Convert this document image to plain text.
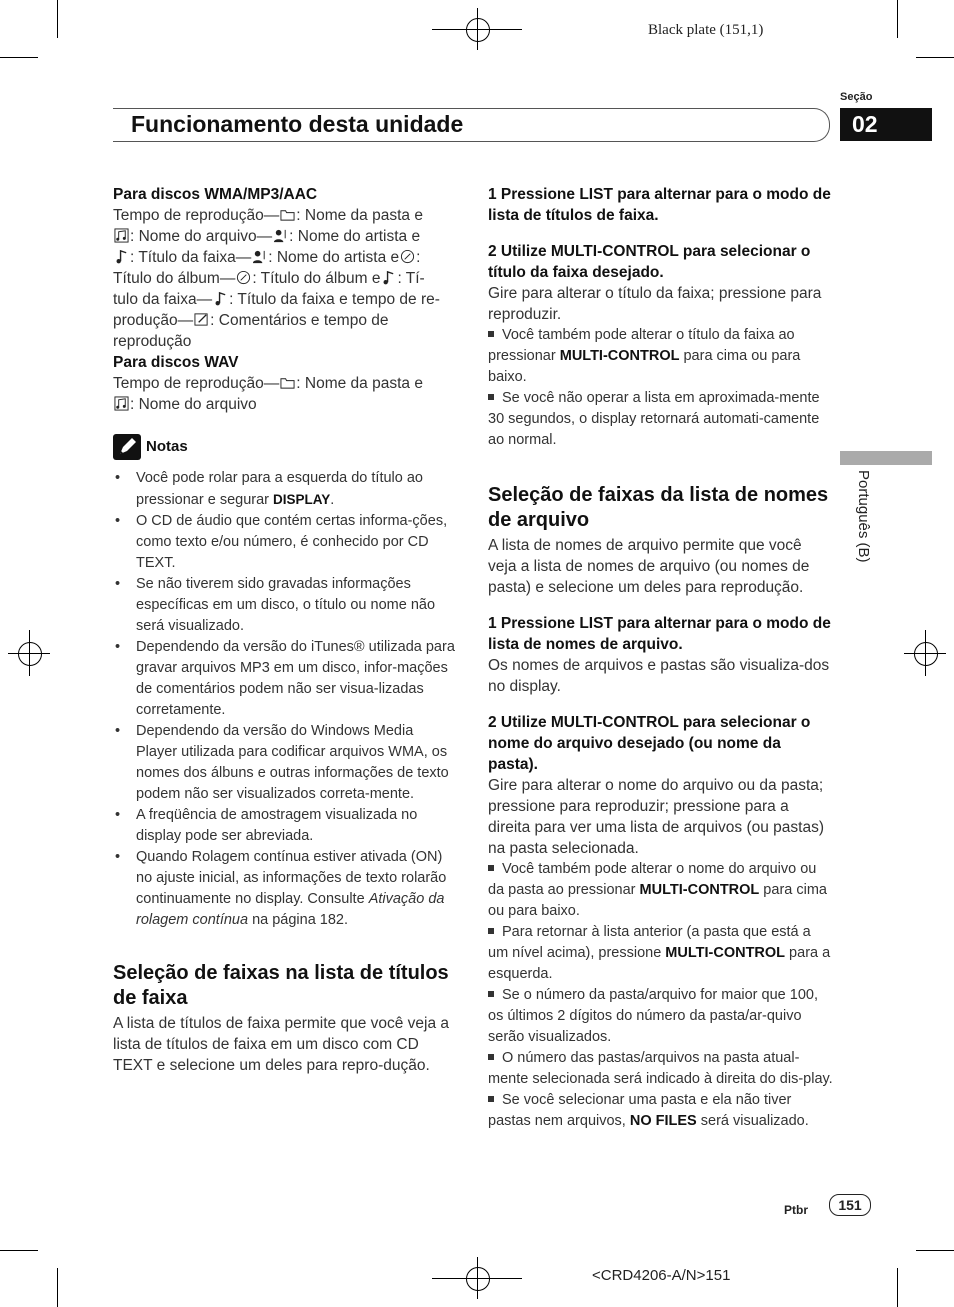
Black plate (151,1)
Seção
Funcionamento desta unidade	02
Português (B)

Para discos WMA/MP3/AAC

Tempo de reprodução— : Nome da pasta e
: Nome do arquivo— : Nome do artista e
: Título da faixa— : Nome do artista e :
Título do álbum— : Título do álbum e : Tí-
tulo da faixa— : Título da faixa e tempo de re-
produção— : Comentários e tempo de
reprodução

Para discos WAV

Tempo de reprodução— : Nome da pasta e
: Nome do arquivo

Notas
• Você pode rolar para a esquerda do título ao pressionar e segurar DISPLAY.
• O CD de áudio que contém certas informa-ções, como texto e/ou número, é conhecido por CD TEXT.
• Se não tiverem sido gravadas informações específicas em um disco, o título ou nome não será visualizado.
• Dependendo da versão do iTunes® utilizada para gravar arquivos MP3 em um disco, infor-mações de comentários podem não ser visua-lizadas corretamente.
• Dependendo da versão do Windows Media Player utilizada para codificar arquivos WMA, os nomes dos álbuns e outras informações de texto podem não ser visualizados correta-mente.
• A freqüência de amostragem visualizada no display pode ser abreviada.
• Quando Rolagem contínua estiver ativada (ON) no ajuste inicial, as informações de texto rolarão continuamente no display. Consulte Ativação da rolagem contínua na página 182.

Seleção de faixas na lista de títulos de faixa

A lista de títulos de faixa permite que você veja a lista de títulos de faixa em um disco com CD TEXT e selecione um deles para repro-dução.

1 Pressione LIST para alternar para o modo de lista de títulos de faixa.

2 Utilize MULTI-CONTROL para selecionar o título da faixa desejado.

Gire para alterar o título da faixa; pressione para reproduzir.

Você também pode alterar o título da faixa ao pressionar MULTI-CONTROL para cima ou para baixo.

Se você não operar a lista em aproximada-mente 30 segundos, o display retornará automati-camente ao normal.

Seleção de faixas da lista de nomes de arquivo

A lista de nomes de arquivo permite que você veja a lista de nomes de arquivo (ou nomes de pasta) e selecione um deles para reprodução.

1 Pressione LIST para alternar para o modo de lista de nomes de arquivo.

Os nomes de arquivos e pastas são visualiza-dos no display.

2 Utilize MULTI-CONTROL para selecionar o nome do arquivo desejado (ou nome da pasta).

Gire para alterar o nome do arquivo ou da pasta; pressione para reproduzir; pressione para a direita para ver uma lista de arquivos (ou pastas) na pasta selecionada.

Você também pode alterar o nome do arquivo ou da pasta ao pressionar MULTI-CONTROL para cima ou para baixo.

Para retornar à lista anterior (a pasta que está a um nível acima), pressione MULTI-CONTROL para a esquerda.

Se o número da pasta/arquivo for maior que 100, os últimos 2 dígitos do número da pasta/ar-quivo serão visualizados.

O número das pastas/arquivos na pasta atual-mente selecionada será indicado à direita do dis-play.

Se você selecionar uma pasta e ela não tiver pastas nem arquivos, NO FILES será visualizado.

Ptbr	151
<CRD4206-A/N>151
